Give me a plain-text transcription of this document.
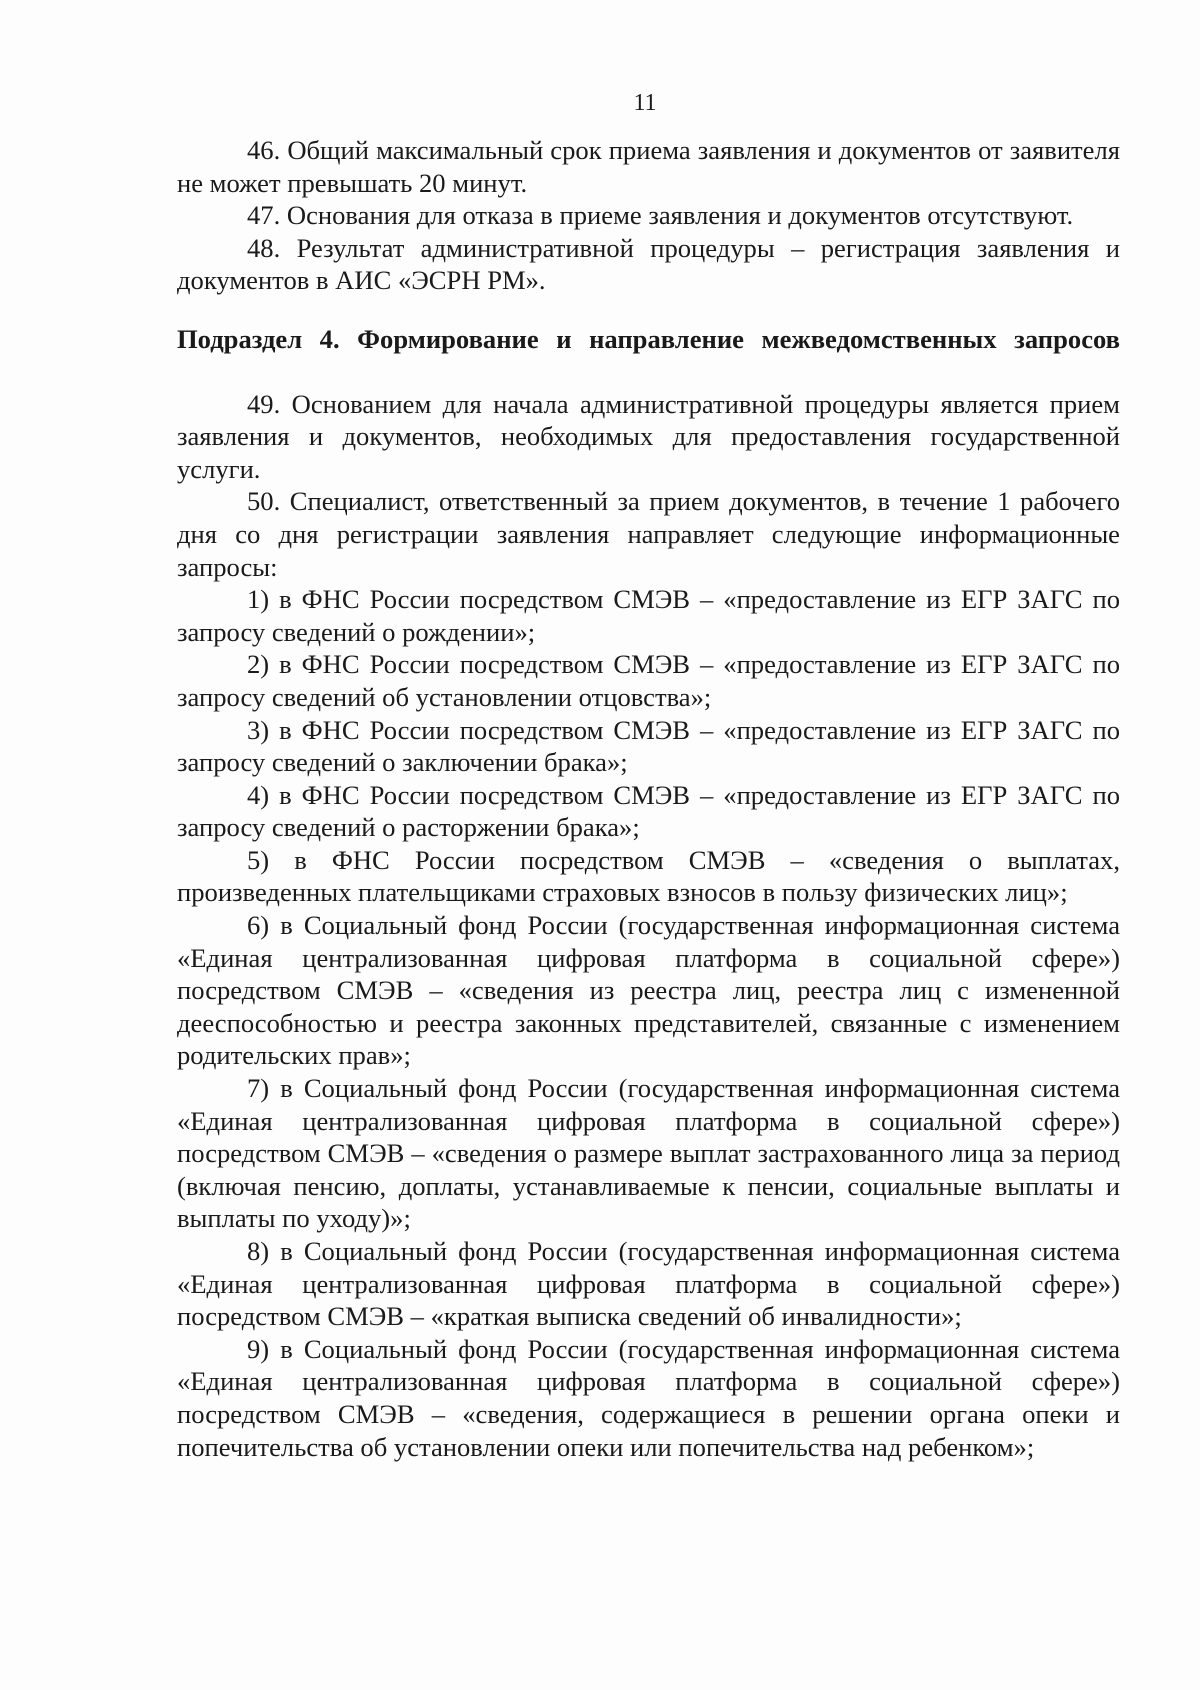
11

46. Общий максимальный срок приема заявления и документов от заявителя не может превышать 20 минут.

47. Основания для отказа в приеме заявления и документов отсутствуют.

48. Результат административной процедуры – регистрация заявления и документов в АИС «ЭСРН РМ».

Подраздел 4. Формирование и направление межведомственных запросов

49. Основанием для начала административной процедуры является прием заявления и документов, необходимых для предоставления государственной услуги.

50. Специалист, ответственный за прием документов, в течение 1 рабочего дня со дня регистрации заявления направляет следующие информационные запросы:

1) в ФНС России посредством СМЭВ – «предоставление из ЕГР ЗАГС по запросу сведений о рождении»;

2) в ФНС России посредством СМЭВ – «предоставление из ЕГР ЗАГС по запросу сведений об установлении отцовства»;

3) в ФНС России посредством СМЭВ – «предоставление из ЕГР ЗАГС по запросу сведений о заключении брака»;

4) в ФНС России посредством СМЭВ – «предоставление из ЕГР ЗАГС по запросу сведений о расторжении брака»;

5) в ФНС России посредством СМЭВ – «сведения о выплатах, произведенных плательщиками страховых взносов в пользу физических лиц»;

6) в Социальный фонд России (государственная информационная система «Единая централизованная цифровая платформа в социальной сфере») посредством СМЭВ – «сведения из реестра лиц, реестра лиц с измененной дееспособностью и реестра законных представителей, связанные с изменением родительских прав»;

7) в Социальный фонд России (государственная информационная система «Единая централизованная цифровая платформа в социальной сфере») посредством СМЭВ – «сведения о размере выплат застрахованного лица за период (включая пенсию, доплаты, устанавливаемые к пенсии, социальные выплаты и выплаты по уходу)»;

8) в Социальный фонд России (государственная информационная система «Единая централизованная цифровая платформа в социальной сфере») посредством СМЭВ – «краткая выписка сведений об инвалидности»;

9) в Социальный фонд России (государственная информационная система «Единая централизованная цифровая платформа в социальной сфере») посредством СМЭВ – «сведения, содержащиеся в решении органа опеки и попечительства об установлении опеки или попечительства над ребенком»;
